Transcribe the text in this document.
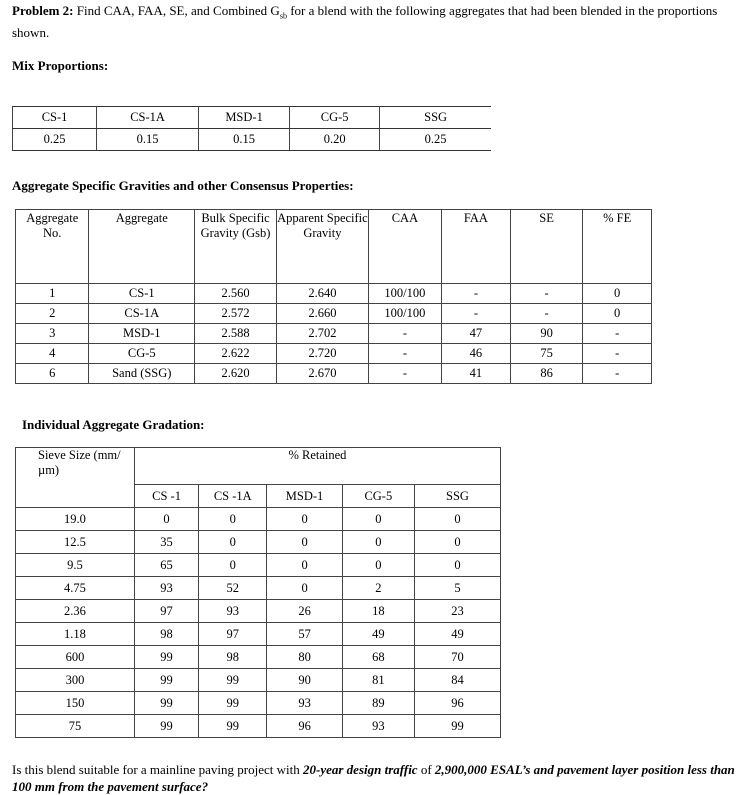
Problem 2: Find CAA, FAA, SE, and Combined $G_{sb}$ for a blend with the following aggregates that had been blended in the proportions shown.
Mix Proportions:
CS-1	CS-1A	MSD-1	CG-5	SSG
0.25	0.15	0.15	0.20	0.25
Aggregate Specific Gravities and other Consensus Properties:
Aggregate No.	Aggregate	Bulk Specific Gravity (Gsb)	Apparent Specific Gravity	CAA	FAA	SE	% FE
1	CS-1	2.560	2.640	100/100	-	-	0
2	CS-1A	2.572	2.660	100/100	-	-	0
3	MSD-1	2.588	2.702	-	47	90	-
4	CG-5	2.622	2.720	-	46	75	-
6	Sand (SSG)	2.620	2.670	-	41	86	-
Individual Aggregate Gradation:
Sieve Size (mm/µm)	% Retained				
	CS -1	CS -1A	MSD-1	CG-5	SSG
19.0	0	0	0	0	0
12.5	35	0	0	0	0
9.5	65	0	0	0	0
4.75	93	52	0	2	5
2.36	97	93	26	18	23
1.18	98	97	57	49	49
600	99	98	80	68	70
300	99	99	90	81	84
150	99	99	93	89	96
75	99	99	96	93	99
Is this blend suitable for a mainline paving project with 20-year design traffic of 2,900,000 ESAL’s and pavement layer position less than 100 mm from the pavement surface?
